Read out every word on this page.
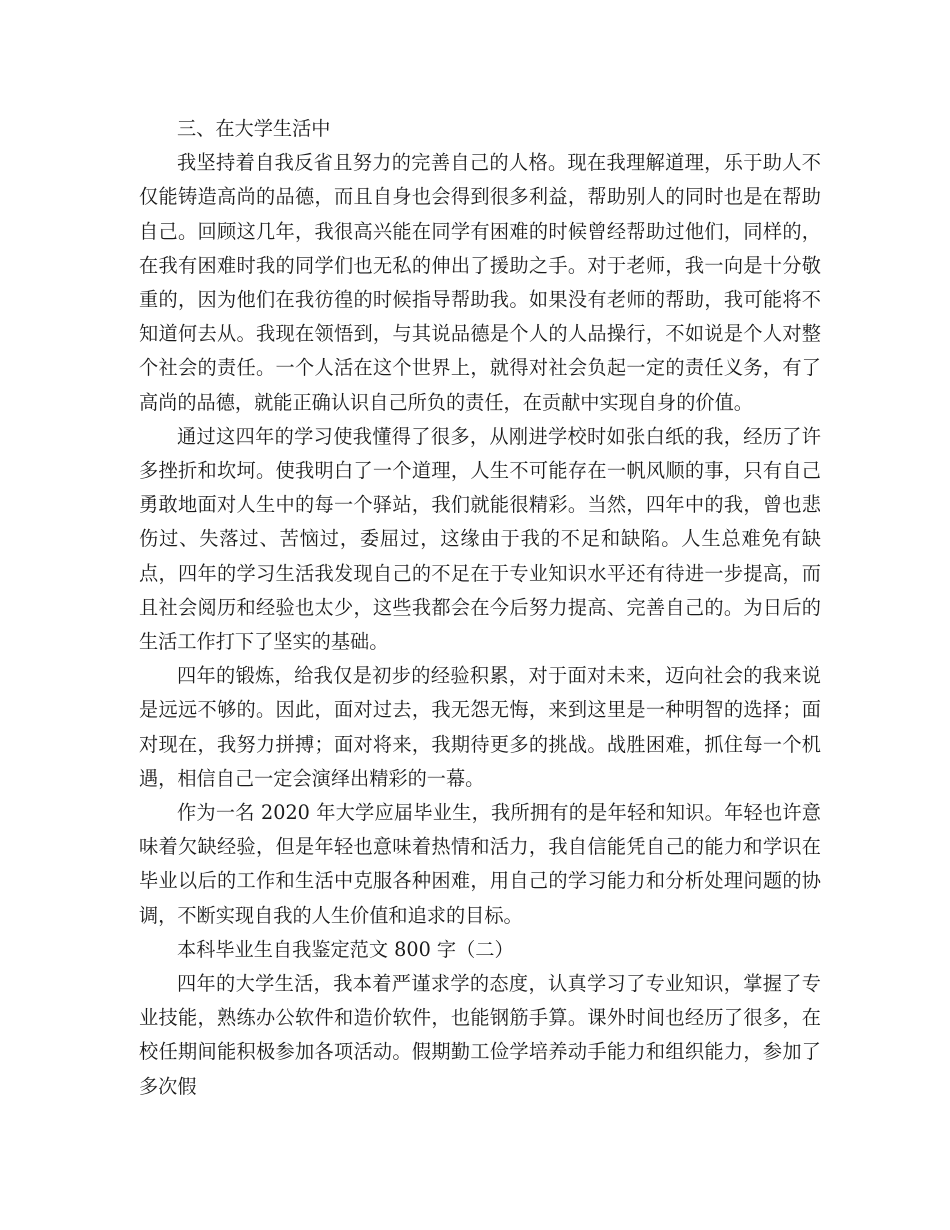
三、在大学生活中

我坚持着自我反省且努力的完善自己的人格。现在我理解道理，乐于助人不仅能铸造高尚的品德，而且自身也会得到很多利益，帮助别人的同时也是在帮助自己。回顾这几年，我很高兴能在同学有困难的时候曾经帮助过他们，同样的，在我有困难时我的同学们也无私的伸出了援助之手。对于老师，我一向是十分敬重的，因为他们在我彷徨的时候指导帮助我。如果没有老师的帮助，我可能将不知道何去从。我现在领悟到，与其说品德是个人的人品操行，不如说是个人对整个社会的责任。一个人活在这个世界上，就得对社会负起一定的责任义务，有了高尚的品德，就能正确认识自己所负的责任，在贡献中实现自身的价值。

通过这四年的学习使我懂得了很多，从刚进学校时如张白纸的我，经历了许多挫折和坎坷。使我明白了一个道理，人生不可能存在一帆风顺的事，只有自己勇敢地面对人生中的每一个驿站，我们就能很精彩。当然，四年中的我，曾也悲伤过、失落过、苦恼过，委屈过，这缘由于我的不足和缺陷。人生总难免有缺点，四年的学习生活我发现自己的不足在于专业知识水平还有待进一步提高，而且社会阅历和经验也太少，这些我都会在今后努力提高、完善自己的。为日后的生活工作打下了坚实的基础。

四年的锻炼，给我仅是初步的经验积累，对于面对未来，迈向社会的我来说是远远不够的。因此，面对过去，我无怨无悔，来到这里是一种明智的选择；面对现在，我努力拼搏；面对将来，我期待更多的挑战。战胜困难，抓住每一个机遇，相信自己一定会演绎出精彩的一幕。

作为一名 2020 年大学应届毕业生，我所拥有的是年轻和知识。年轻也许意味着欠缺经验，但是年轻也意味着热情和活力，我自信能凭自己的能力和学识在毕业以后的工作和生活中克服各种困难，用自己的学习能力和分析处理问题的协调，不断实现自我的人生价值和追求的目标。

本科毕业生自我鉴定范文 800 字（二）

四年的大学生活，我本着严谨求学的态度，认真学习了专业知识，掌握了专业技能，熟练办公软件和造价软件，也能钢筋手算。课外时间也经历了很多，在校任期间能积极参加各项活动。假期勤工俭学培养动手能力和组织能力，参加了多次假
